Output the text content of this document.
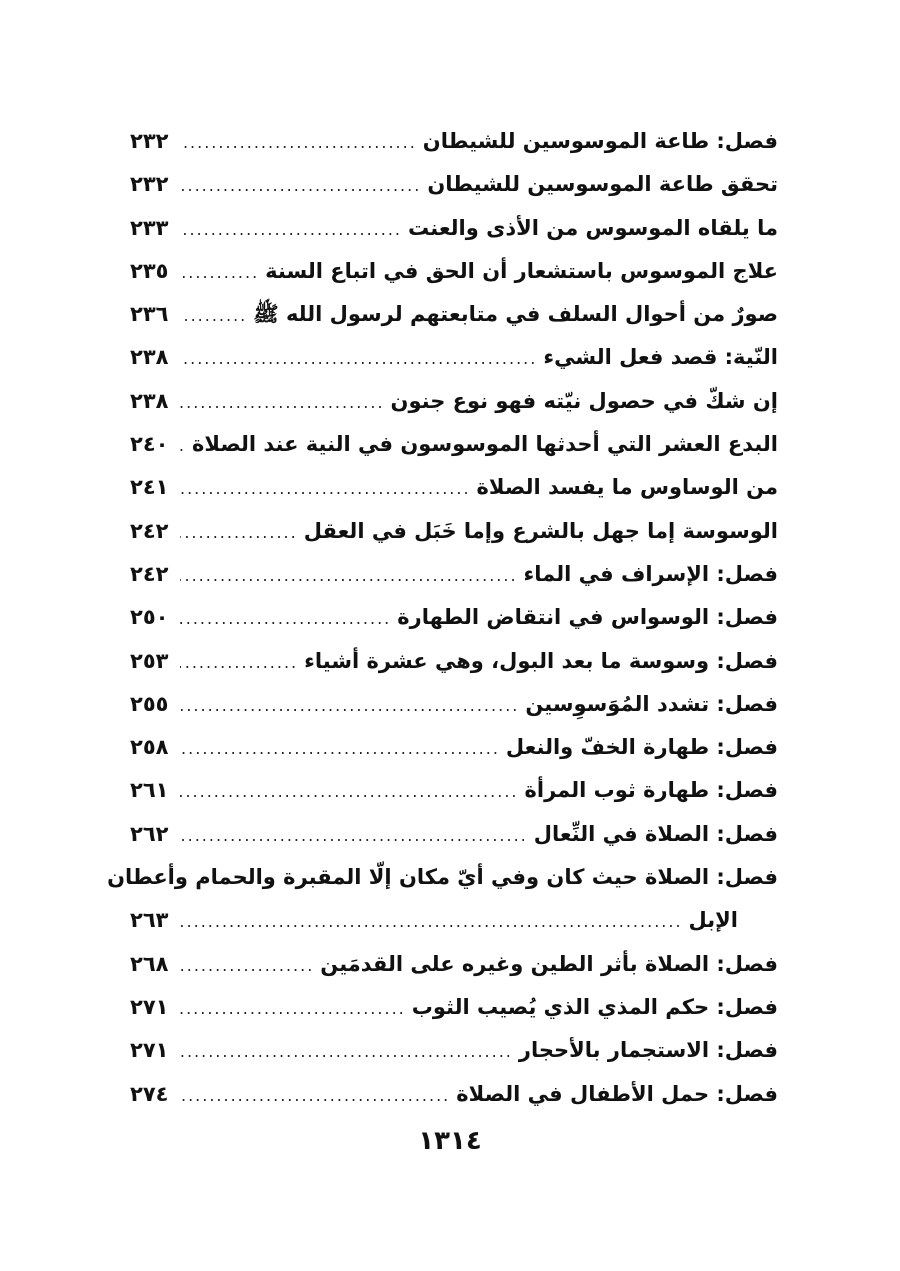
فصل: طاعة الموسوسين للشيطان
.....
٢٣٢
تحقق طاعة الموسوسين للشيطان
.....
٢٣٢
ما يلقاه الموسوس من الأذى والعنت
.....
٢٣٣
علاج الموسوس باستشعار أن الحق في اتباع السنة
.....
٢٣٥
صورٌ من أحوال السلف في متابعتهم لرسول الله ﷺ
.....
٢٣٦
النّية: قصد فعل الشيء
.....
٢٣٨
إن شكّ في حصول نيّته فهو نوع جنون
.....
٢٣٨
البدع العشر التي أحدثها الموسوسون في النية عند الصلاة
.....
٢٤٠
من الوساوس ما يفسد الصلاة
.....
٢٤١
الوسوسة إما جهل بالشرع وإما خَبَل في العقل
.....
٢٤٢
فصل: الإسراف في الماء
.....
٢٤٢
فصل: الوسواس في انتقاض الطهارة
.....
٢٥٠
فصل: وسوسة ما بعد البول، وهي عشرة أشياء
.....
٢٥٣
فصل: تشدد المُوَسوِسين
.....
٢٥٥
فصل: طهارة الخفّ والنعل
.....
٢٥٨
فصل: طهارة ثوب المرأة
.....
٢٦١
فصل: الصلاة في النِّعال
.....
٢٦٢
فصل: الصلاة حيث كان وفي أيّ مكان إلّا المقبرة والحمام وأعطان
الإبل
.....
٢٦٣
فصل: الصلاة بأثر الطين وغيره على القدمَين
.....
٢٦٨
فصل: حكم المذي الذي يُصيب الثوب
.....
٢٧١
فصل: الاستجمار بالأحجار
.....
٢٧١
فصل: حمل الأطفال في الصلاة
.....
٢٧٤
١٣١٤
